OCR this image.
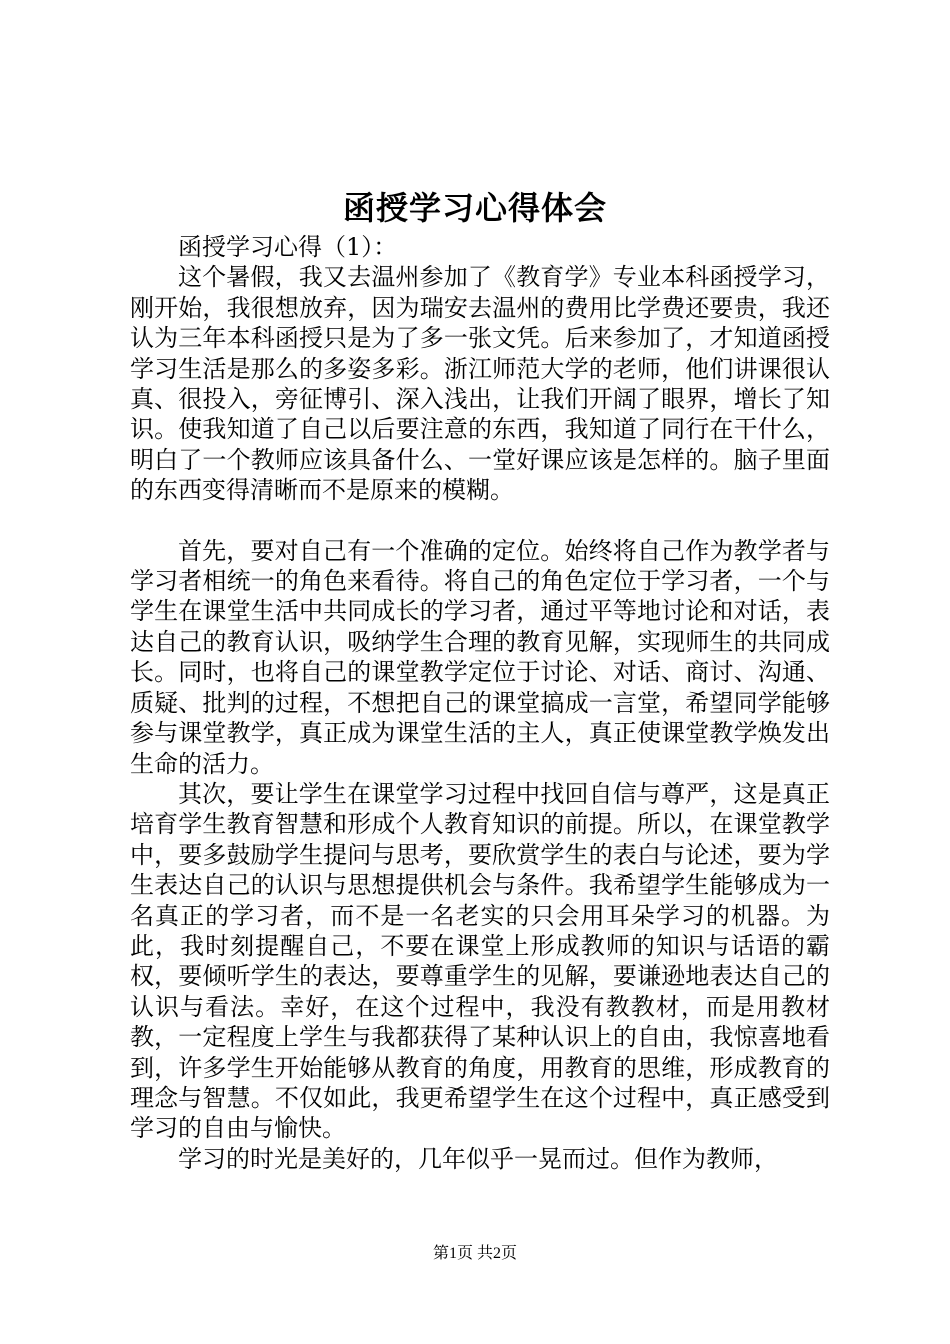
函授学习心得体会

函授学习心得（1）：

这个暑假，我又去温州参加了《教育学》专业本科函授学习，刚开始，我很想放弃，因为瑞安去温州的费用比学费还要贵，我还认为三年本科函授只是为了多一张文凭。后来参加了，才知道函授学习生活是那么的多姿多彩。浙江师范大学的老师，他们讲课很认真、很投入，旁征博引、深入浅出，让我们开阔了眼界，增长了知识。使我知道了自己以后要注意的东西，我知道了同行在干什么，明白了一个教师应该具备什么、一堂好课应该是怎样的。脑子里面的东西变得清晰而不是原来的模糊。

首先，要对自己有一个准确的定位。始终将自己作为教学者与学习者相统一的角色来看待。将自己的角色定位于学习者，一个与学生在课堂生活中共同成长的学习者，通过平等地讨论和对话，表达自己的教育认识，吸纳学生合理的教育见解，实现师生的共同成长。同时，也将自己的课堂教学定位于讨论、对话、商讨、沟通、质疑、批判的过程，不想把自己的课堂搞成一言堂，希望同学能够参与课堂教学，真正成为课堂生活的主人，真正使课堂教学焕发出生命的活力。

其次，要让学生在课堂学习过程中找回自信与尊严，这是真正培育学生教育智慧和形成个人教育知识的前提。所以，在课堂教学中，要多鼓励学生提问与思考，要欣赏学生的表白与论述，要为学生表达自己的认识与思想提供机会与条件。我希望学生能够成为一名真正的学习者，而不是一名老实的只会用耳朵学习的机器。为此，我时刻提醒自己，不要在课堂上形成教师的知识与话语的霸权，要倾听学生的表达，要尊重学生的见解，要谦逊地表达自己的认识与看法。幸好，在这个过程中，我没有教教材，而是用教材教，一定程度上学生与我都获得了某种认识上的自由，我惊喜地看到，许多学生开始能够从教育的角度，用教育的思维，形成教育的理念与智慧。不仅如此，我更希望学生在这个过程中，真正感受到学习的自由与愉快。

学习的时光是美好的，几年似乎一晃而过。但作为教师，

第1页 共2页
